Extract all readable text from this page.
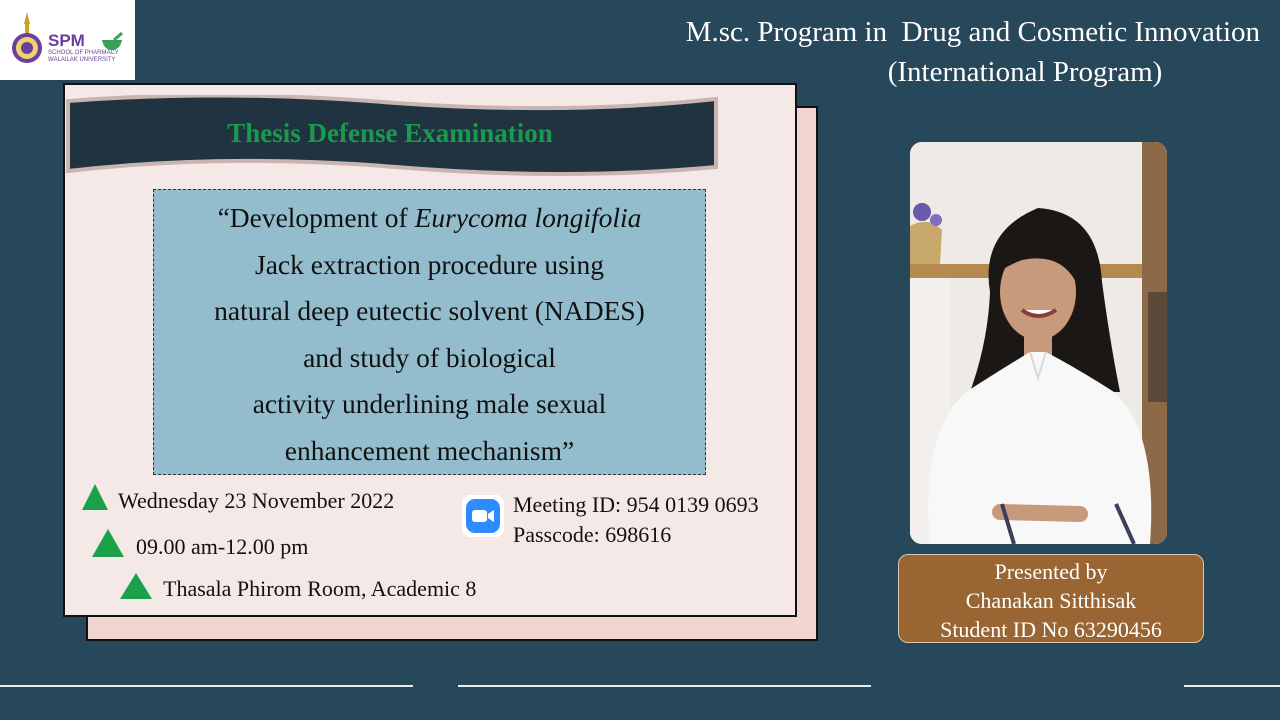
SPM
SCHOOL OF PHARMACY
WALAILAK UNIVERSITY
M.sc. Program in  Drug and Cosmetic Innovation
(International Program)
Thesis Defense Examination
“Development of Eurycoma longifolia
Jack extraction procedure using
natural deep eutectic solvent (NADES)
and study of biological
activity underlining male sexual
enhancement mechanism”
Wednesday 23 November 2022
09.00 am-12.00 pm
Thasala Phirom Room, Academic 8
Meeting ID: 954 0139 0693
Passcode: 698616
Presented by
Chanakan Sitthisak
Student ID No 63290456
